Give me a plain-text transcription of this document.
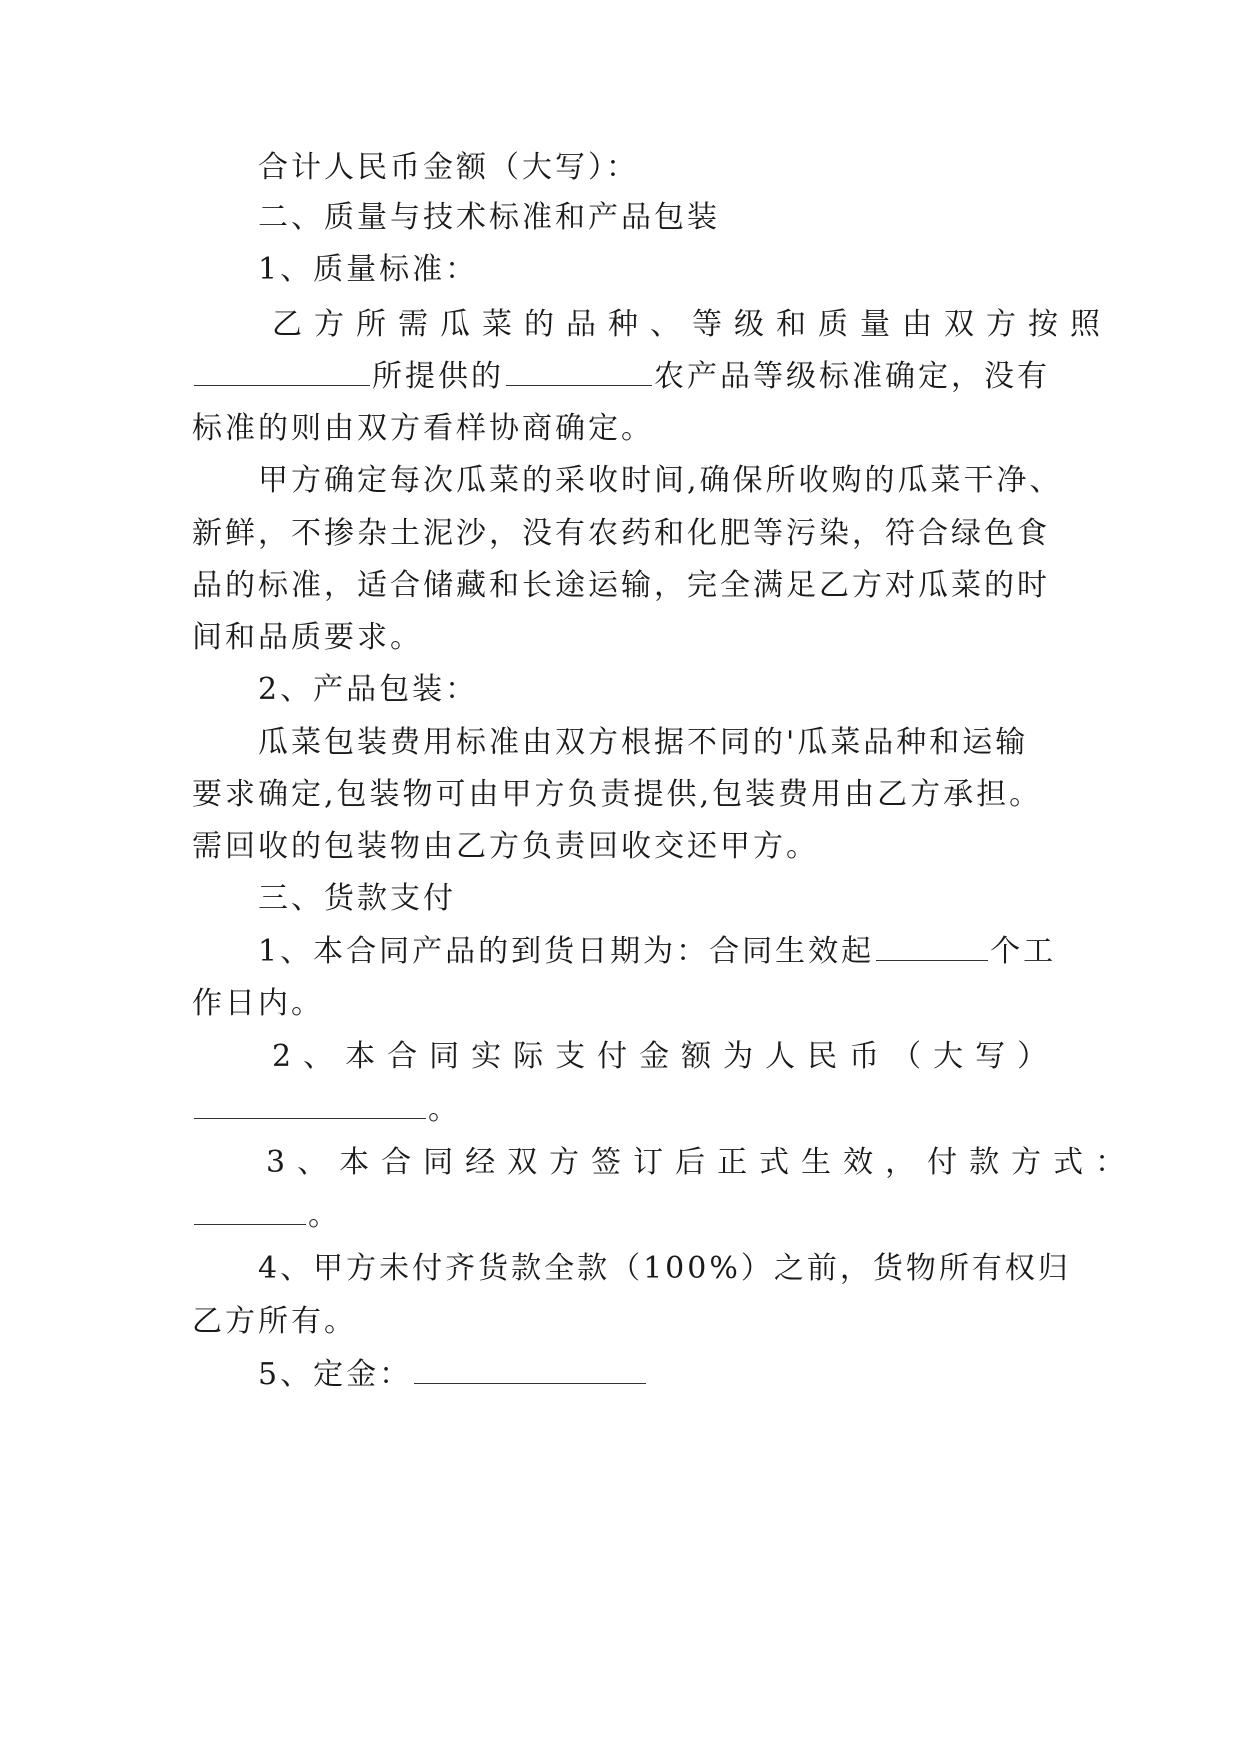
合计人民币金额（大写）：
二、质量与技术标准和产品包装
1、质量标准：
乙方所需瓜菜的品种、等级和质量由双方按照
所提供的	农产品等级标准确定，没有
标准的则由双方看样协商确定。
甲方确定每次瓜菜的采收时间,确保所收购的瓜菜干净、
新鲜，不掺杂土泥沙，没有农药和化肥等污染，符合绿色食
品的标准，适合储藏和长途运输，完全满足乙方对瓜菜的时
间和品质要求。
2、产品包装：
瓜菜包装费用标准由双方根据不同的'瓜菜品种和运输
要求确定,包装物可由甲方负责提供,包装费用由乙方承担。
需回收的包装物由乙方负责回收交还甲方。
三、货款支付
1、本合同产品的到货日期为：合同生效起	个工
作日内。
2、本合同实际支付金额为人民币（大写）
。
3、本合同经双方签订后正式生效，付款方式：
。
4、甲方未付齐货款全款（100%）之前，货物所有权归
乙方所有。
5、定金：
